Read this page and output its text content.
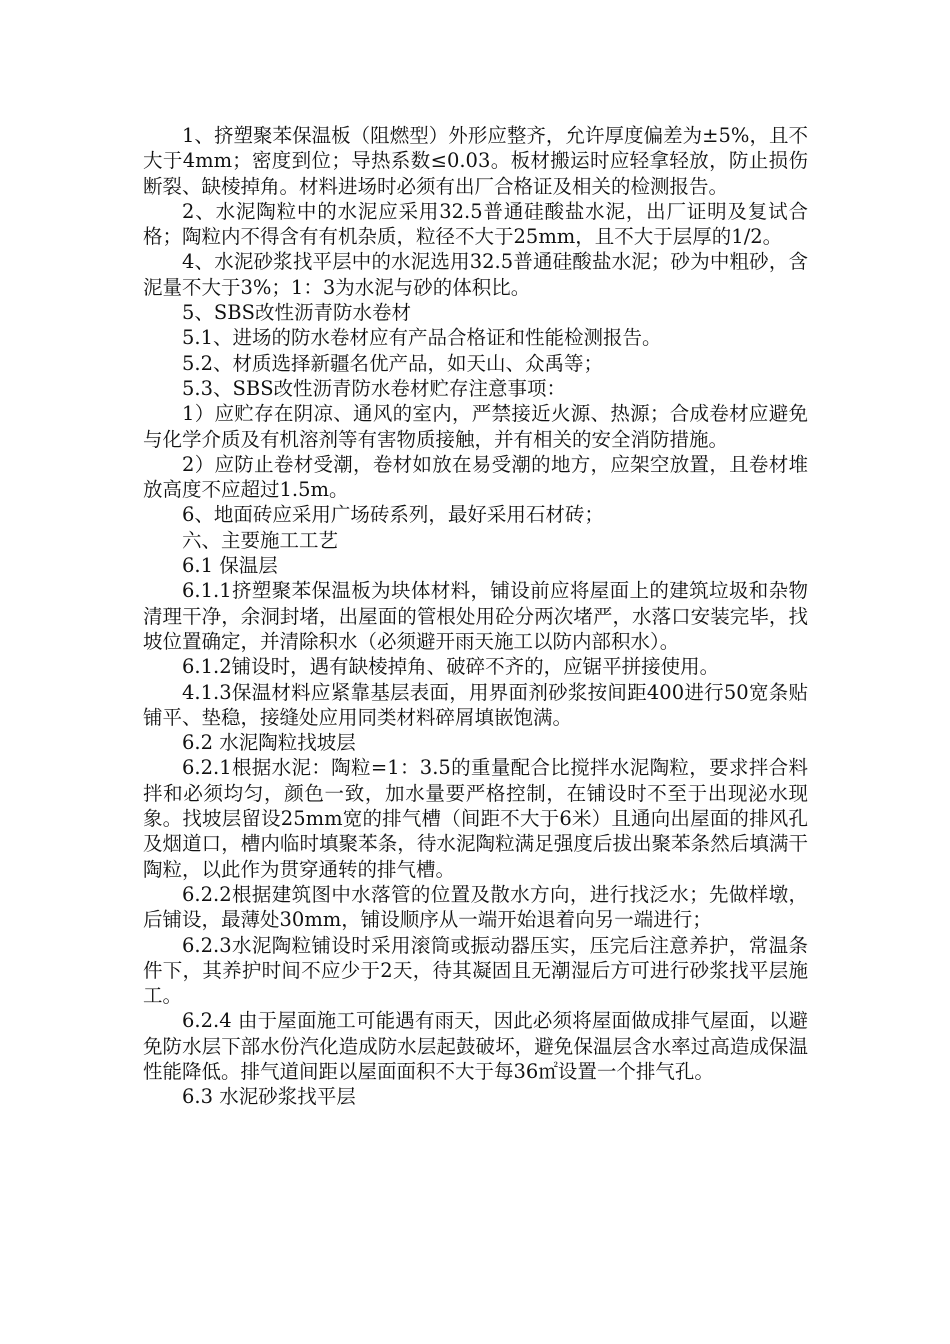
1、挤塑聚苯保温板（阻燃型）外形应整齐，允许厚度偏差为±5%，且不大于4mm；密度到位；导热系数≤0.03。板材搬运时应轻拿轻放，防止损伤断裂、缺棱掉角。材料进场时必须有出厂合格证及相关的检测报告。

2、水泥陶粒中的水泥应采用32.5普通硅酸盐水泥，出厂证明及复试合格；陶粒内不得含有有机杂质，粒径不大于25mm，且不大于层厚的1/2。

4、水泥砂浆找平层中的水泥选用32.5普通硅酸盐水泥；砂为中粗砂，含泥量不大于3%；1：3为水泥与砂的体积比。

5、SBS改性沥青防水卷材

5.1、进场的防水卷材应有产品合格证和性能检测报告。

5.2、材质选择新疆名优产品，如天山、众禹等；

5.3、SBS改性沥青防水卷材贮存注意事项：

1）应贮存在阴凉、通风的室内，严禁接近火源、热源；合成卷材应避免与化学介质及有机溶剂等有害物质接触，并有相关的安全消防措施。

2）应防止卷材受潮，卷材如放在易受潮的地方，应架空放置，且卷材堆放高度不应超过1.5m。

6、地面砖应采用广场砖系列，最好采用石材砖；

六、主要施工工艺

6.1 保温层

6.1.1挤塑聚苯保温板为块体材料，铺设前应将屋面上的建筑垃圾和杂物清理干净，余洞封堵，出屋面的管根处用砼分两次堵严，水落口安装完毕，找坡位置确定，并清除积水（必须避开雨天施工以防内部积水）。

6.1.2铺设时，遇有缺棱掉角、破碎不齐的，应锯平拼接使用。

4.1.3保温材料应紧靠基层表面，用界面剂砂浆按间距400进行50宽条贴铺平、垫稳，接缝处应用同类材料碎屑填嵌饱满。

6.2 水泥陶粒找坡层

6.2.1根据水泥：陶粒=1：3.5的重量配合比搅拌水泥陶粒，要求拌合料拌和必须均匀，颜色一致，加水量要严格控制，在铺设时不至于出现泌水现象。找坡层留设25mm宽的排气槽（间距不大于6米）且通向出屋面的排风孔及烟道口，槽内临时填聚苯条，待水泥陶粒满足强度后拔出聚苯条然后填满干陶粒，以此作为贯穿通转的排气槽。

6.2.2根据建筑图中水落管的位置及散水方向，进行找泛水；先做样墩，后铺设，最薄处30mm，铺设顺序从一端开始退着向另一端进行；

6.2.3水泥陶粒铺设时采用滚筒或振动器压实，压完后注意养护，常温条件下，其养护时间不应少于2天，待其凝固且无潮湿后方可进行砂浆找平层施工。

6.2.4 由于屋面施工可能遇有雨天，因此必须将屋面做成排气屋面，以避免防水层下部水份汽化造成防水层起鼓破坏，避免保温层含水率过高造成保温性能降低。排气道间距以屋面面积不大于每36㎡设置一个排气孔。

6.3 水泥砂浆找平层
